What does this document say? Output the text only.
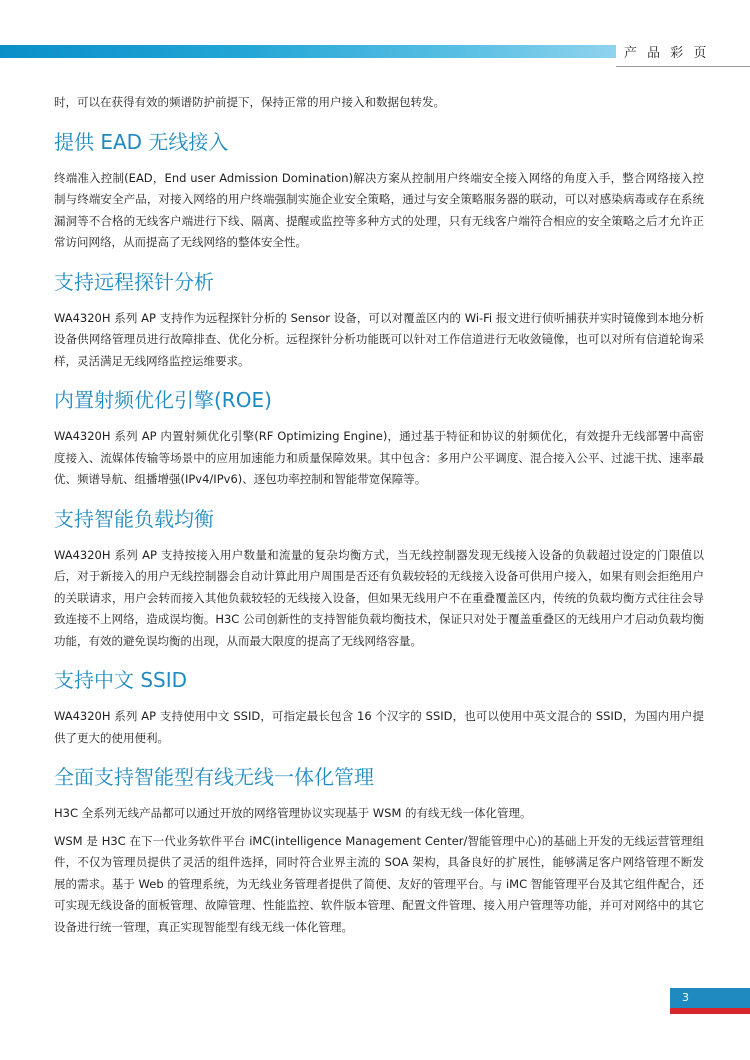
产 品 彩 页

时，可以在获得有效的频谱防护前提下，保持正常的用户接入和数据包转发。

提供 EAD 无线接入

终端准入控制(EAD，End user Admission Domination)解决方案从控制用户终端安全接入网络的角度入手，整合网络接入控制与终端安全产品，对接入网络的用户终端强制实施企业安全策略，通过与安全策略服务器的联动，可以对感染病毒或存在系统漏洞等不合格的无线客户端进行下线、隔离、提醒或监控等多种方式的处理，只有无线客户端符合相应的安全策略之后才允许正常访问网络，从而提高了无线网络的整体安全性。

支持远程探针分析

WA4320H 系列 AP 支持作为远程探针分析的 Sensor 设备，可以对覆盖区内的 Wi-Fi 报文进行侦听捕获并实时镜像到本地分析设备供网络管理员进行故障排查、优化分析。远程探针分析功能既可以针对工作信道进行无收敛镜像，也可以对所有信道轮询采样，灵活满足无线网络监控运维要求。

内置射频优化引擎(ROE)

WA4320H 系列 AP 内置射频优化引擎(RF Optimizing Engine)，通过基于特征和协议的射频优化，有效提升无线部署中高密度接入、流媒体传输等场景中的应用加速能力和质量保障效果。其中包含：多用户公平调度、混合接入公平、过滤干扰、速率最优、频谱导航、组播增强(IPv4/IPv6)、逐包功率控制和智能带宽保障等。

支持智能负载均衡

WA4320H 系列 AP 支持按接入用户数量和流量的复杂均衡方式，当无线控制器发现无线接入设备的负载超过设定的门限值以后，对于新接入的用户无线控制器会自动计算此用户周围是否还有负载较轻的无线接入设备可供用户接入，如果有则会拒绝用户的关联请求，用户会转而接入其他负载较轻的无线接入设备，但如果无线用户不在重叠覆盖区内，传统的负载均衡方式往往会导致连接不上网络，造成误均衡。H3C 公司创新性的支持智能负载均衡技术，保证只对处于覆盖重叠区的无线用户才启动负载均衡功能，有效的避免误均衡的出现，从而最大限度的提高了无线网络容量。

支持中文 SSID

WA4320H 系列 AP 支持使用中文 SSID，可指定最长包含 16 个汉字的 SSID，也可以使用中英文混合的 SSID，为国内用户提供了更大的使用便利。

全面支持智能型有线无线一体化管理

H3C 全系列无线产品都可以通过开放的网络管理协议实现基于 WSM 的有线无线一体化管理。

WSM 是 H3C 在下一代业务软件平台 iMC(intelligence Management Center/智能管理中心)的基础上开发的无线运营管理组件，不仅为管理员提供了灵活的组件选择，同时符合业界主流的 SOA 架构，具备良好的扩展性，能够满足客户网络管理不断发展的需求。基于 Web 的管理系统，为无线业务管理者提供了简便、友好的管理平台。与 iMC 智能管理平台及其它组件配合，还可实现无线设备的面板管理、故障管理、性能监控、软件版本管理、配置文件管理、接入用户管理等功能，并可对网络中的其它设备进行统一管理，真正实现智能型有线无线一体化管理。

3
